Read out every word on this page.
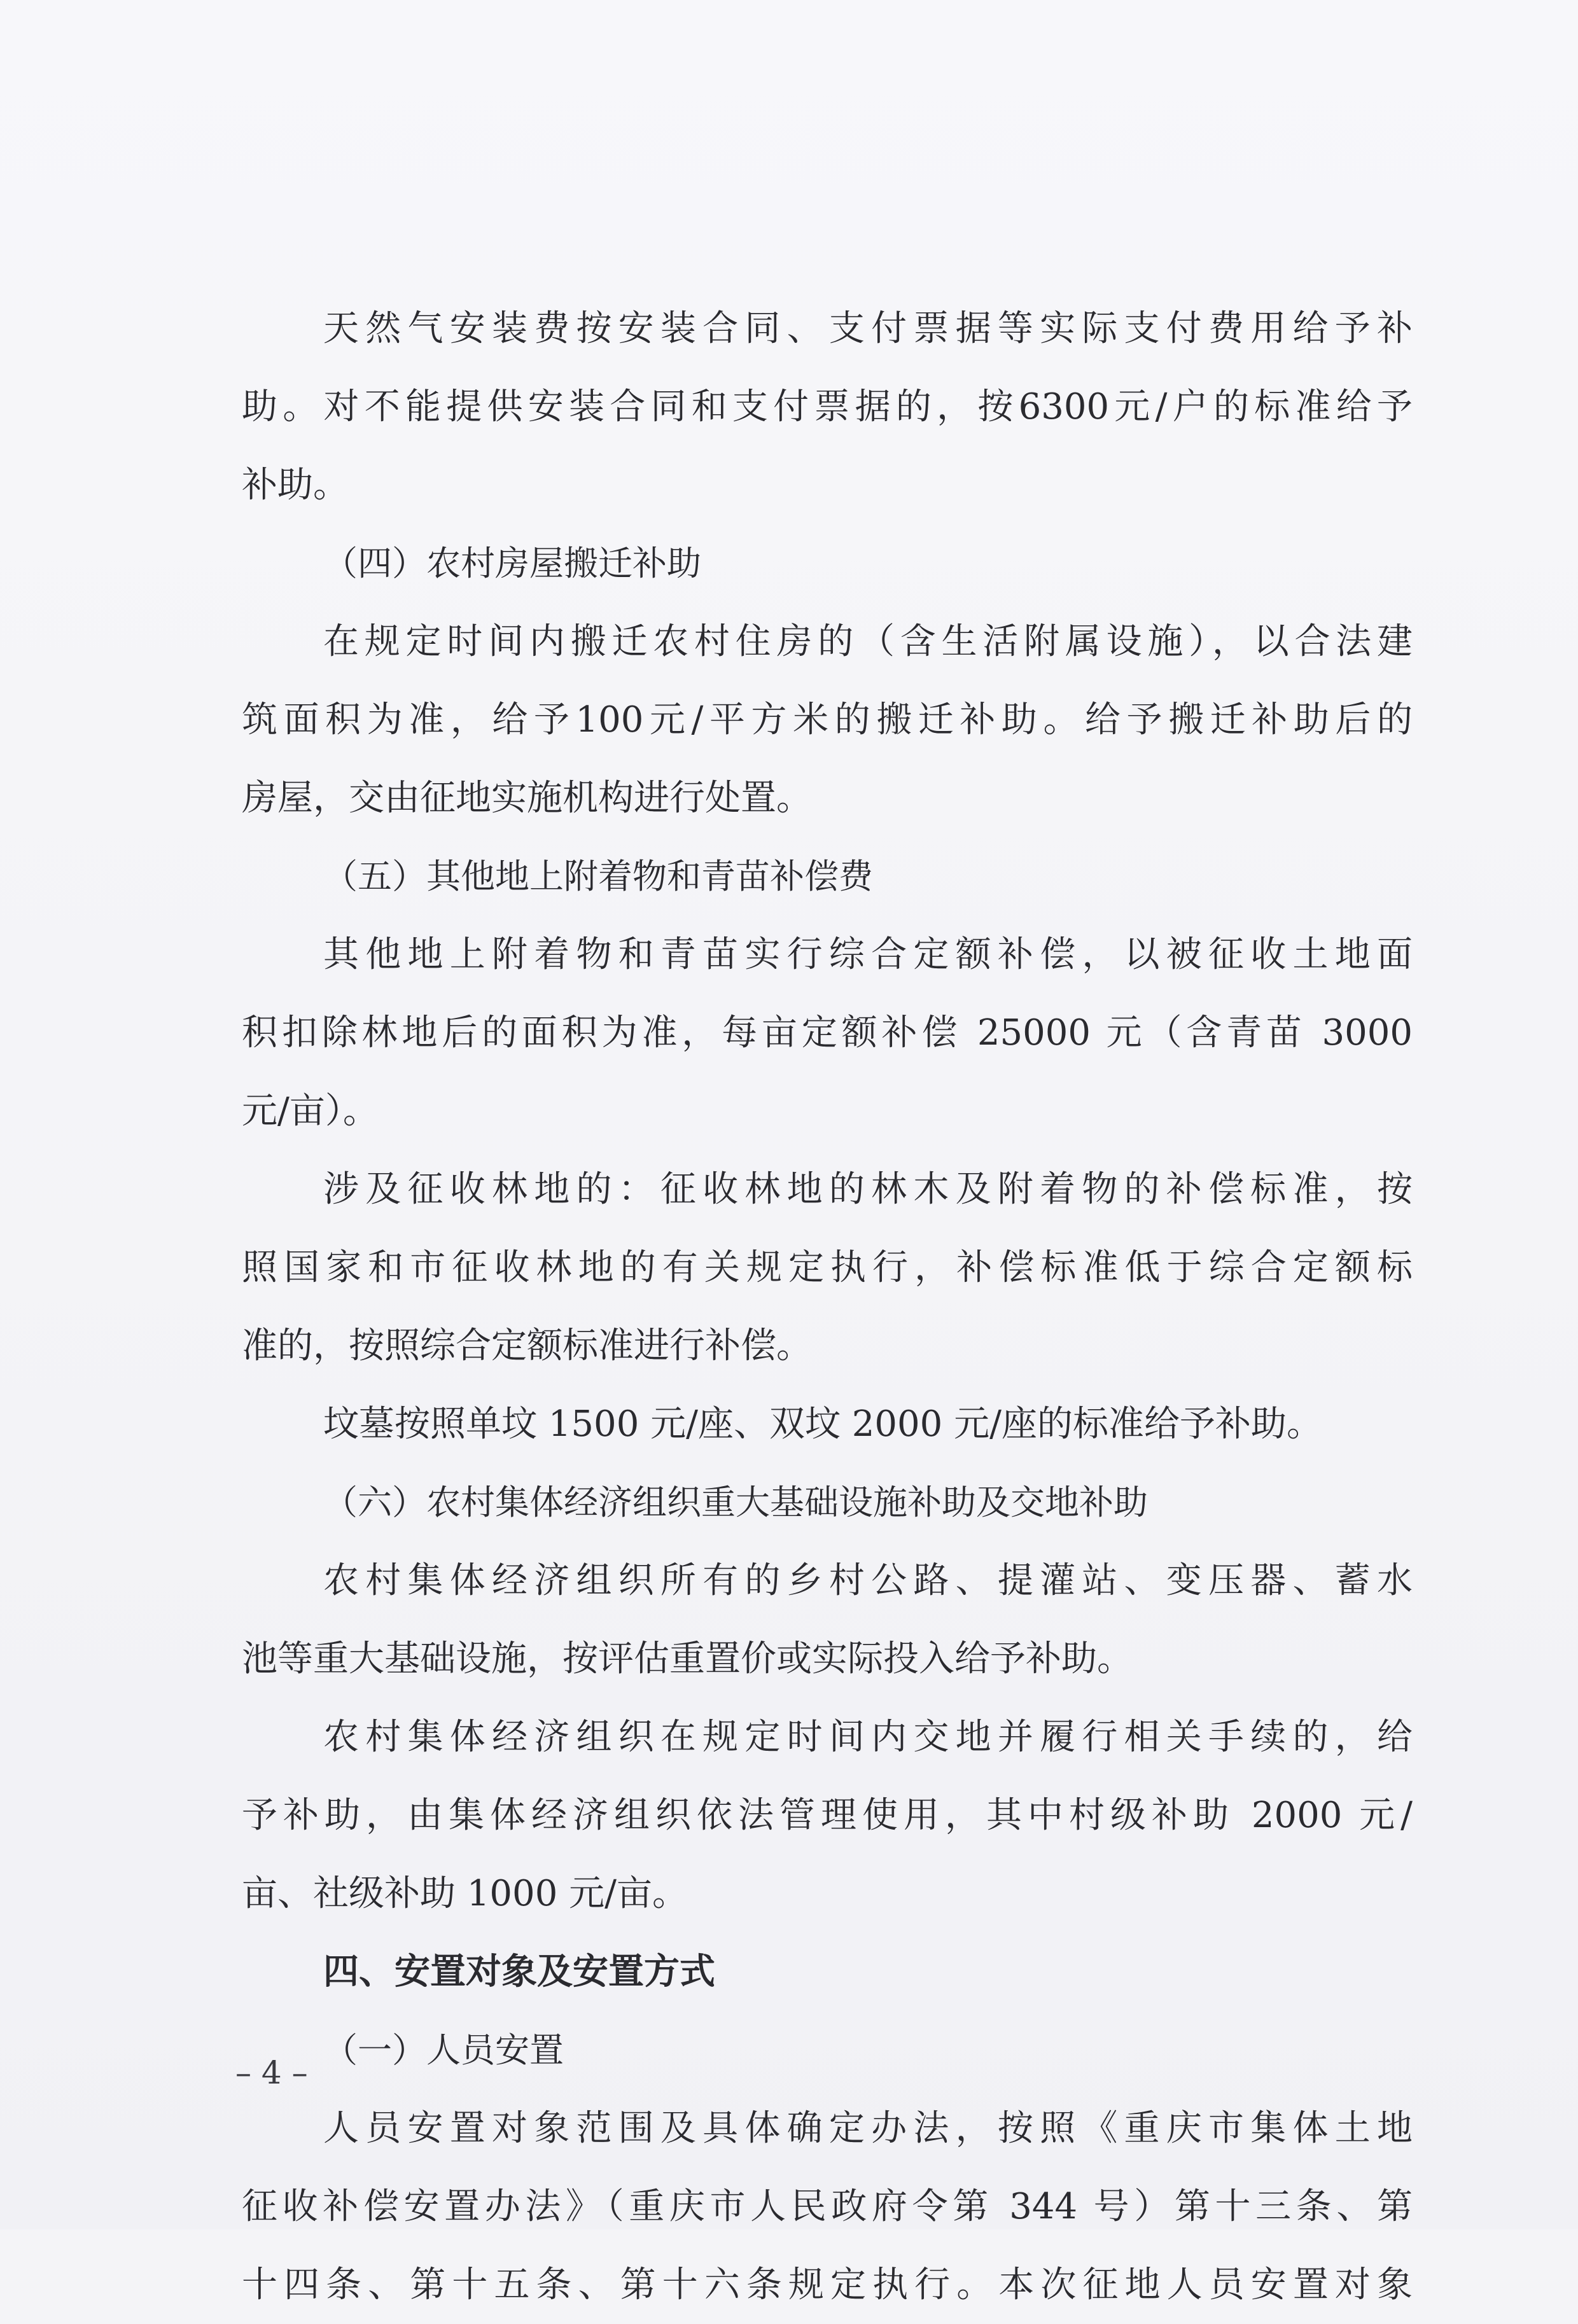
天然气安装费按安装合同、支付票据等实际支付费用给予补
助。对不能提供安装合同和支付票据的，按6300元/户的标准给予
补助。
（四）农村房屋搬迁补助
在规定时间内搬迁农村住房的（含生活附属设施），以合法建
筑面积为准，给予100元/平方米的搬迁补助。给予搬迁补助后的
房屋，交由征地实施机构进行处置。
（五）其他地上附着物和青苗补偿费
其他地上附着物和青苗实行综合定额补偿，以被征收土地面
积扣除林地后的面积为准，每亩定额补偿 25000 元（含青苗 3000
元/亩）。
涉及征收林地的：征收林地的林木及附着物的补偿标准，按
照国家和市征收林地的有关规定执行，补偿标准低于综合定额标
准的，按照综合定额标准进行补偿。
坟墓按照单坟 1500 元/座、双坟 2000 元/座的标准给予补助。
（六）农村集体经济组织重大基础设施补助及交地补助
农村集体经济组织所有的乡村公路、提灌站、变压器、蓄水
池等重大基础设施，按评估重置价或实际投入给予补助。
农村集体经济组织在规定时间内交地并履行相关手续的，给
予补助，由集体经济组织依法管理使用，其中村级补助 2000 元/
亩、社级补助 1000 元/亩。
四、安置对象及安置方式
（一）人员安置
人员安置对象范围及具体确定办法，按照《重庆市集体土地
征收补偿安置办法》（重庆市人民政府令第 344 号）第十三条、第
十四条、第十五条、第十六条规定执行。本次征地人员安置对象
– 4 –
